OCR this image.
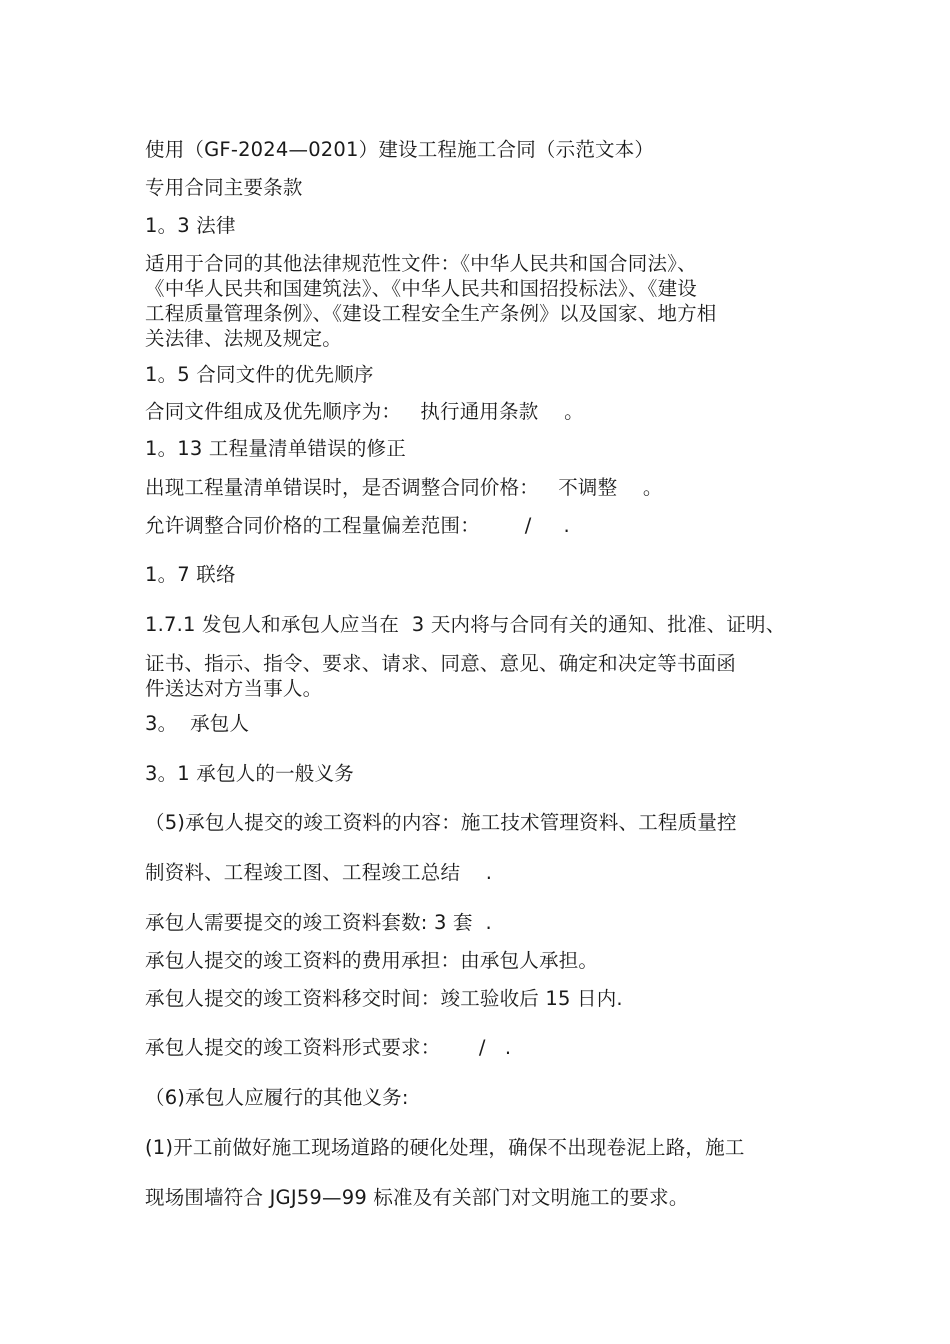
使用（GF-2024—0201）建设工程施工合同（示范文本）
专用合同主要条款
1。3 法律
适用于合同的其他法律规范性文件：《中华人民共和国合同法》、
《中华人民共和国建筑法》、《中华人民共和国招投标法》、《建设
工程质量管理条例》、《建设工程安全生产条例》以及国家、地方相
关法律、法规及规定。
1。5 合同文件的优先顺序
合同文件组成及优先顺序为：   执行通用条款    。
1。13 工程量清单错误的修正
出现工程量清单错误时，是否调整合同价格：   不调整    。
允许调整合同价格的工程量偏差范围：       /     .
1。7 联络
1.7.1 发包人和承包人应当在  3 天内将与合同有关的通知、批准、证明、
证书、指示、指令、要求、请求、同意、意见、确定和决定等书面函
件送达对方当事人。
3。  承包人
3。1 承包人的一般义务
（5)承包人提交的竣工资料的内容：施工技术管理资料、工程质量控
制资料、工程竣工图、工程竣工总结    .
承包人需要提交的竣工资料套数: 3 套  .
承包人提交的竣工资料的费用承担：由承包人承担。
承包人提交的竣工资料移交时间：竣工验收后 15 日内.
承包人提交的竣工资料形式要求：      /   .
（6)承包人应履行的其他义务:
(1)开工前做好施工现场道路的硬化处理，确保不出现卷泥上路，施工
现场围墙符合 JGJ59—99 标准及有关部门对文明施工的要求。
